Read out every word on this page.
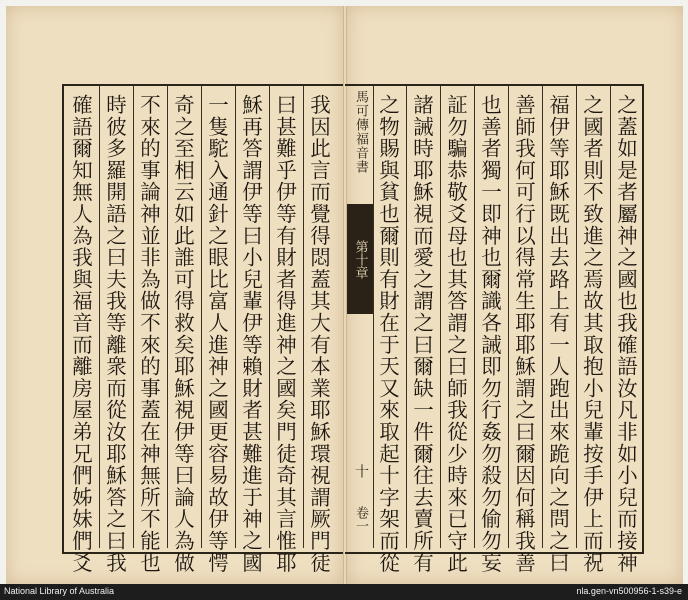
確語爾知無人為我與福音而離房屋弟兄們姊妹們爻 時彼多羅開語之曰夫我等離衆而從汝耶穌答之曰我 不來的事論神並非為做不來的事蓋在神無所不能也 奇之至相云如此誰可得救矣耶穌視伊等曰論人為做 一隻駝入通針之眼比富人進神之國更容易故伊等愕 穌再答謂伊等曰小兒輩伊等賴財者甚難進于神之國 曰甚難乎伊等有財者得進神之國矣門徒奇其言惟耶 我因此言而覺得悶蓋其大有本業耶穌環視謂厥門徒 馬可傳福音書
第十章
十
卷一 之物賜與貧也爾則有財在于天又來取起十字架而從 諸誡時耶穌視而愛之謂之曰爾缺一件爾往去賣所有 証勿騙恭敬爻母也其答謂之曰師我從少時來已守此 也善者獨一即神也爾識各誡即勿行姦勿殺勿偷勿妄 善師我何可行以得常生耶耶穌謂之曰爾因何稱我善 福伊等耶穌既出去路上有一人跑出來跪向之問之曰 之國者則不致進之焉故其取抱小兒輩按手伊上而祝 之蓋如是者屬神之國也我確語汝凡非如小兒而接神
National Library of Australia	nla.gen-vn500956-1-s39-e
